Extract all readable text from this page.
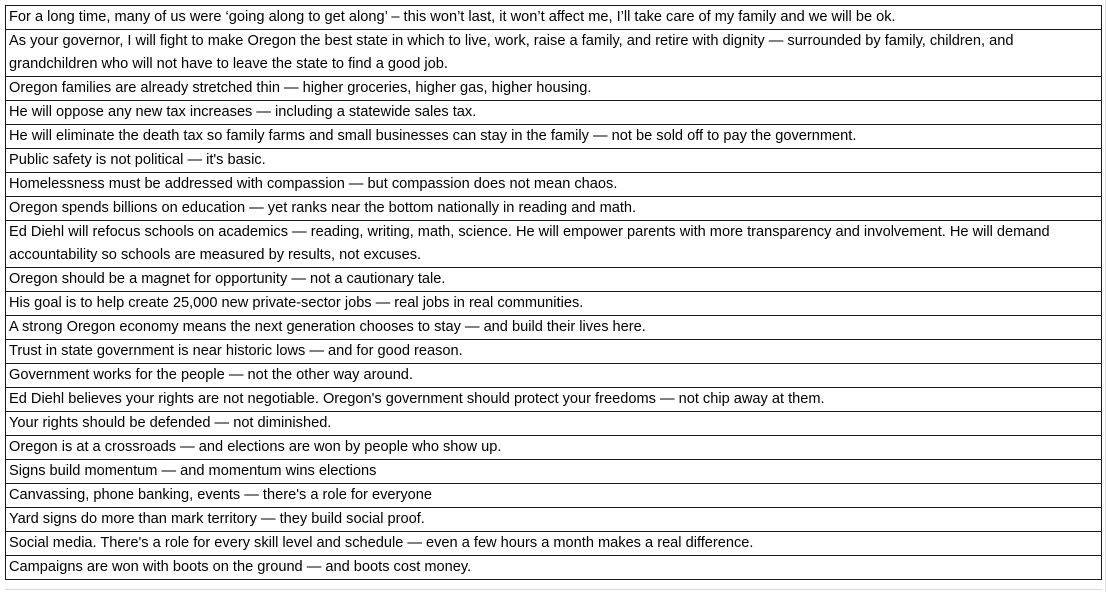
For a long time, many of us were ‘going along to get along’ – this won’t last, it won’t affect me, I’ll take care of my family and we will be ok.
As your governor, I will fight to make Oregon the best state in which to live, work, raise a family, and retire with dignity — surrounded by family, children, and grandchildren who will not have to leave the state to find a good job.
Oregon families are already stretched thin — higher groceries, higher gas, higher housing.
He will oppose any new tax increases — including a statewide sales tax.
He will eliminate the death tax so family farms and small businesses can stay in the family — not be sold off to pay the government.
Public safety is not political — it's basic.
Homelessness must be addressed with compassion — but compassion does not mean chaos.
Oregon spends billions on education — yet ranks near the bottom nationally in reading and math.
Ed Diehl will refocus schools on academics — reading, writing, math, science. He will empower parents with more transparency and involvement. He will demand accountability so schools are measured by results, not excuses.
Oregon should be a magnet for opportunity — not a cautionary tale.
His goal is to help create 25,000 new private-sector jobs — real jobs in real communities.
A strong Oregon economy means the next generation chooses to stay — and build their lives here.
Trust in state government is near historic lows — and for good reason.
Government works for the people — not the other way around.
Ed Diehl believes your rights are not negotiable. Oregon's government should protect your freedoms — not chip away at them.
Your rights should be defended — not diminished.
Oregon is at a crossroads — and elections are won by people who show up.
Signs build momentum — and momentum wins elections
Canvassing, phone banking, events — there's a role for everyone
Yard signs do more than mark territory — they build social proof.
Social media. There's a role for every skill level and schedule — even a few hours a month makes a real difference.
Campaigns are won with boots on the ground — and boots cost money.
